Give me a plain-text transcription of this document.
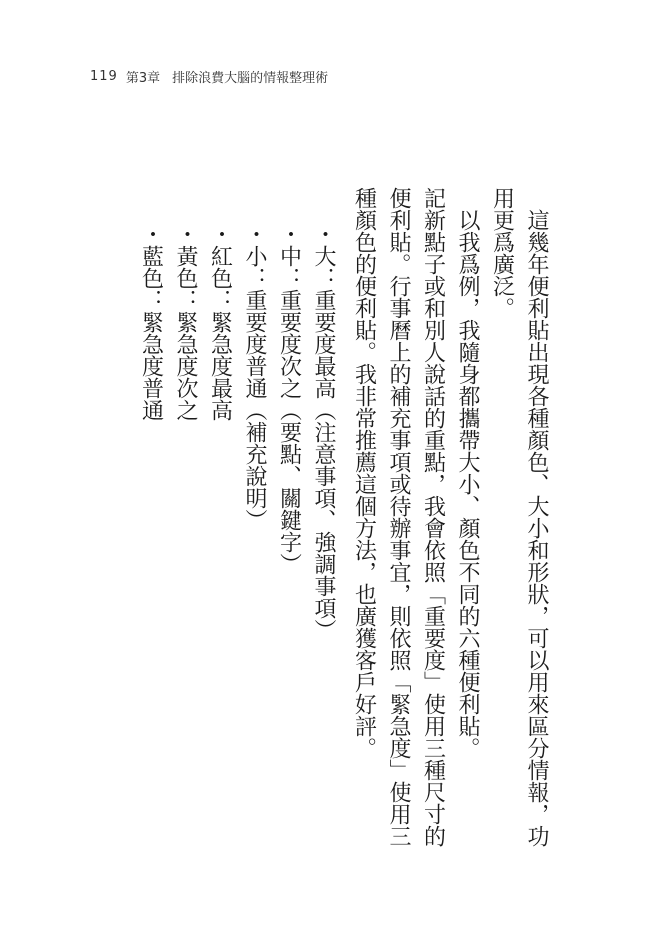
119 第3章 排除浪費大腦的情報整理術

這幾年便利貼出現各種顏色、大小和形狀，可以用來區分情報，功用更爲廣泛。

以我爲例，我隨身都攜帶大小、顏色不同的六種便利貼。

記新點子或和別人說話的重點，我會依照「重要度」使用三種尺寸的便利貼。行事曆上的補充事項或待辦事宜，則依照「緊急度」使用三種顏色的便利貼。我非常推薦這個方法，也廣獲客戶好評。

・大：重要度最高（注意事項、強調事項）
・中：重要度次之（要點、關鍵字）
・小：重要度普通（補充說明）
・紅色：緊急度最高
・黃色：緊急度次之
・藍色：緊急度普通
